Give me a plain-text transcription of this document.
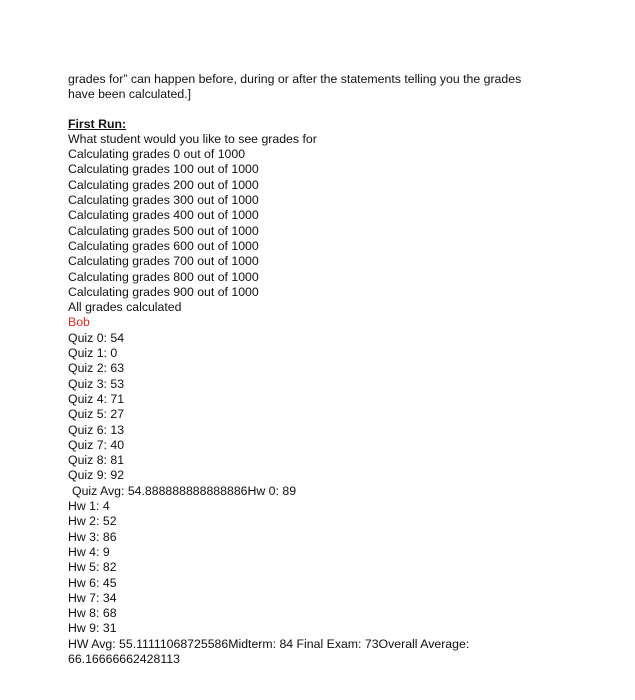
grades for” can happen before, during or after the statements telling you the grades
have been calculated.]
First Run:
What student would you like to see grades for
Calculating grades 0 out of 1000
Calculating grades 100 out of 1000
Calculating grades 200 out of 1000
Calculating grades 300 out of 1000
Calculating grades 400 out of 1000
Calculating grades 500 out of 1000
Calculating grades 600 out of 1000
Calculating grades 700 out of 1000
Calculating grades 800 out of 1000
Calculating grades 900 out of 1000
All grades calculated
Bob
Quiz 0: 54
Quiz 1: 0
Quiz 2: 63
Quiz 3: 53
Quiz 4: 71
Quiz 5: 27
Quiz 6: 13
Quiz 7: 40
Quiz 8: 81
Quiz 9: 92
Quiz Avg: 54.888888888888886Hw 0: 89
Hw 1: 4
Hw 2: 52
Hw 3: 86
Hw 4: 9
Hw 5: 82
Hw 6: 45
Hw 7: 34
Hw 8: 68
Hw 9: 31
HW Avg: 55.11111068725586Midterm: 84 Final Exam: 73Overall Average:
66.16666662428113
